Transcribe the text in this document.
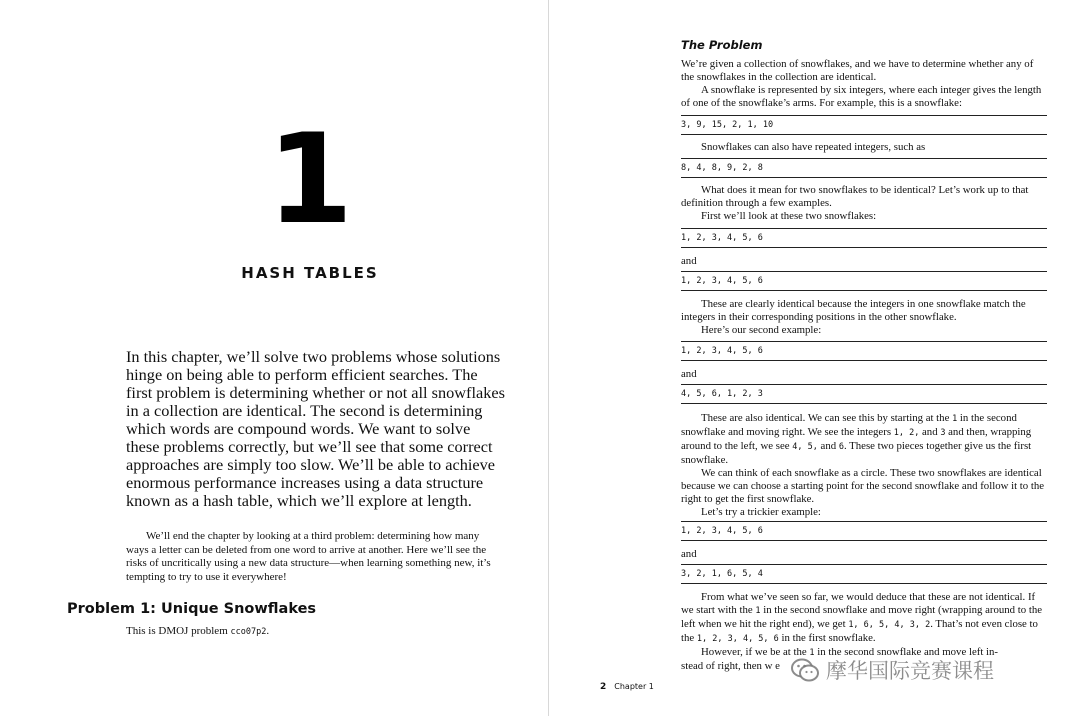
1
HASH TABLES

In this chapter, we’ll solve two problems whose solutions hinge on being able to perform efficient searches. The first problem is determining whether or not all snowflakes in a collection are identical. The second is determining which words are compound words. We want to solve these problems correctly, but we’ll see that some correct approaches are simply too slow. We’ll be able to achieve enormous performance increases using a data structure known as a hash table, which we’ll explore at length.

We’ll end the chapter by looking at a third problem: determining how many ways a letter can be deleted from one word to arrive at another. Here we’ll see the risks of uncritically using a new data structure—when learning something new, it’s tempting to try to use it everywhere!

Problem 1: Unique Snowflakes

This is DMOJ problem cco07p2.

The Problem

We’re given a collection of snowflakes, and we have to determine whether any of the snowflakes in the collection are identical.

A snowflake is represented by six integers, where each integer gives the length of one of the snowflake’s arms. For example, this is a snowflake:

3, 9, 15, 2, 1, 10

Snowflakes can also have repeated integers, such as

8, 4, 8, 9, 2, 8

What does it mean for two snowflakes to be identical? Let’s work up to that definition through a few examples.

First we’ll look at these two snowflakes:

1, 2, 3, 4, 5, 6
and
1, 2, 3, 4, 5, 6

These are clearly identical because the integers in one snowflake match the integers in their corresponding positions in the other snowflake.

Here’s our second example:

1, 2, 3, 4, 5, 6
and
4, 5, 6, 1, 2, 3

These are also identical. We can see this by starting at the 1 in the second snowflake and moving right. We see the integers 1, 2, and 3 and then, wrapping around to the left, we see 4, 5, and 6. These two pieces together give us the first snowflake.

We can think of each snowflake as a circle. These two snowflakes are identical because we can choose a starting point for the second snowflake and follow it to the right to get the first snowflake.

Let’s try a trickier example:

1, 2, 3, 4, 5, 6
and
3, 2, 1, 6, 5, 4

From what we’ve seen so far, we would deduce that these are not identical. If we start with the 1 in the second snowflake and move right (wrapping around to the left when we hit the right end), we get 1, 6, 5, 4, 3, 2. That’s not even close to the 1, 2, 3, 4, 5, 6 in the first snowflake.

However, if we be at the 1 in the second snowflake and move left in-
stead of right, then w e

2 Chapter 1
摩华国际竞赛课程
